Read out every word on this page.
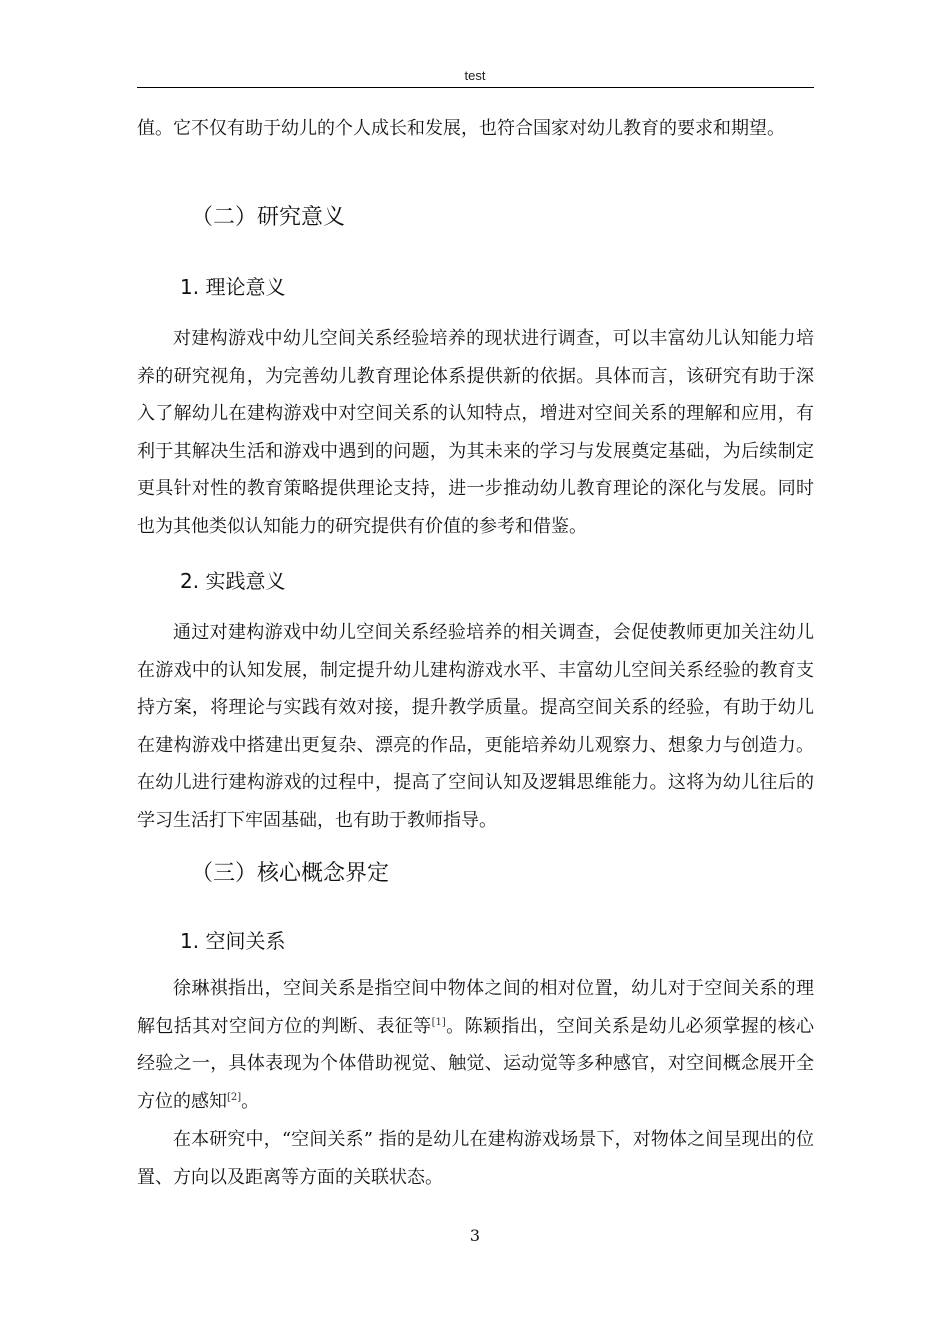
test

值。它不仅有助于幼儿的个人成长和发展，也符合国家对幼儿教育的要求和期望。

（二）研究意义
1. 理论意义

对建构游戏中幼儿空间关系经验培养的现状进行调查，可以丰富幼儿认知能力培养的研究视角，为完善幼儿教育理论体系提供新的依据。具体而言，该研究有助于深入了解幼儿在建构游戏中对空间关系的认知特点，增进对空间关系的理解和应用，有利于其解决生活和游戏中遇到的问题，为其未来的学习与发展奠定基础，为后续制定更具针对性的教育策略提供理论支持，进一步推动幼儿教育理论的深化与发展。同时也为其他类似认知能力的研究提供有价值的参考和借鉴。

2. 实践意义

通过对建构游戏中幼儿空间关系经验培养的相关调查，会促使教师更加关注幼儿在游戏中的认知发展，制定提升幼儿建构游戏水平、丰富幼儿空间关系经验的教育支持方案，将理论与实践有效对接，提升教学质量。提高空间关系的经验，有助于幼儿在建构游戏中搭建出更复杂、漂亮的作品，更能培养幼儿观察力、想象力与创造力。在幼儿进行建构游戏的过程中，提高了空间认知及逻辑思维能力。这将为幼儿往后的学习生活打下牢固基础，也有助于教师指导。

（三）核心概念界定
1. 空间关系

徐琳祺指出，空间关系是指空间中物体之间的相对位置，幼儿对于空间关系的理解包括其对空间方位的判断、表征等[1]。陈颖指出，空间关系是幼儿必须掌握的核心经验之一，具体表现为个体借助视觉、触觉、运动觉等多种感官，对空间概念展开全方位的感知[2]。

在本研究中，“空间关系” 指的是幼儿在建构游戏场景下，对物体之间呈现出的位置、方向以及距离等方面的关联状态。

3
